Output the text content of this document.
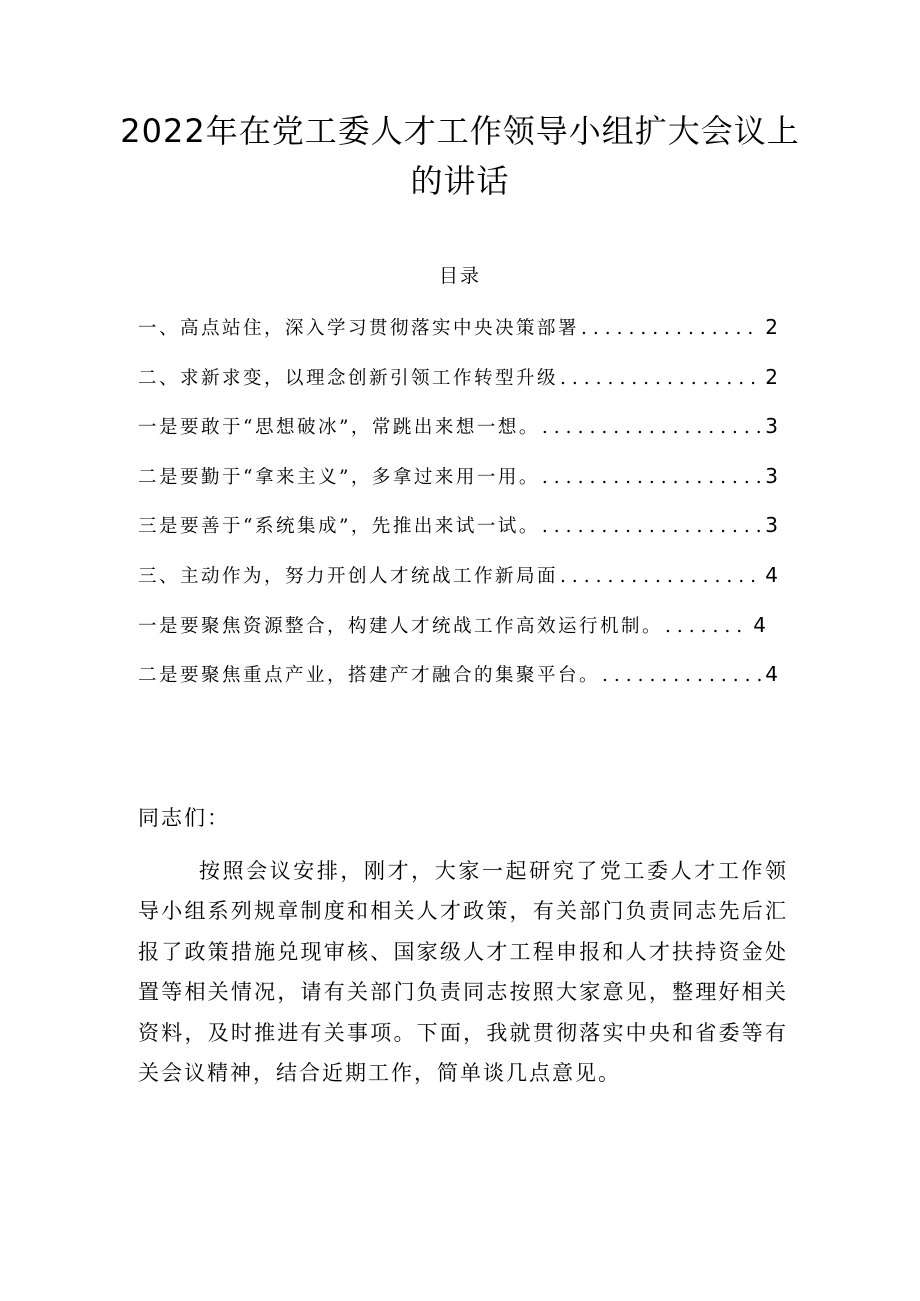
2022年在党工委人才工作领导小组扩大会议上的讲话
目录
一、高点站住，深入学习贯彻落实中央决策部署 .....	2
二、求新求变，以理念创新引领工作转型升级 .....	2
一是要敢于“思想破冰”，常跳出来想一想。 .....	3
二是要勤于“拿来主义”，多拿过来用一用。 .....	3
三是要善于“系统集成”，先推出来试一试。 .....	3
三、主动作为，努力开创人才统战工作新局面 .....	4
一是要聚焦资源整合，构建人才统战工作高效运行机制。 .....	4
二是要聚焦重点产业，搭建产才融合的集聚平台。 .....	4

同志们：

按照会议安排，刚才，大家一起研究了党工委人才工作领导小组系列规章制度和相关人才政策，有关部门负责同志先后汇报了政策措施兑现审核、国家级人才工程申报和人才扶持资金处置等相关情况，请有关部门负责同志按照大家意见，整理好相关资料，及时推进有关事项。下面，我就贯彻落实中央和省委等有关会议精神，结合近期工作，简单谈几点意见。
